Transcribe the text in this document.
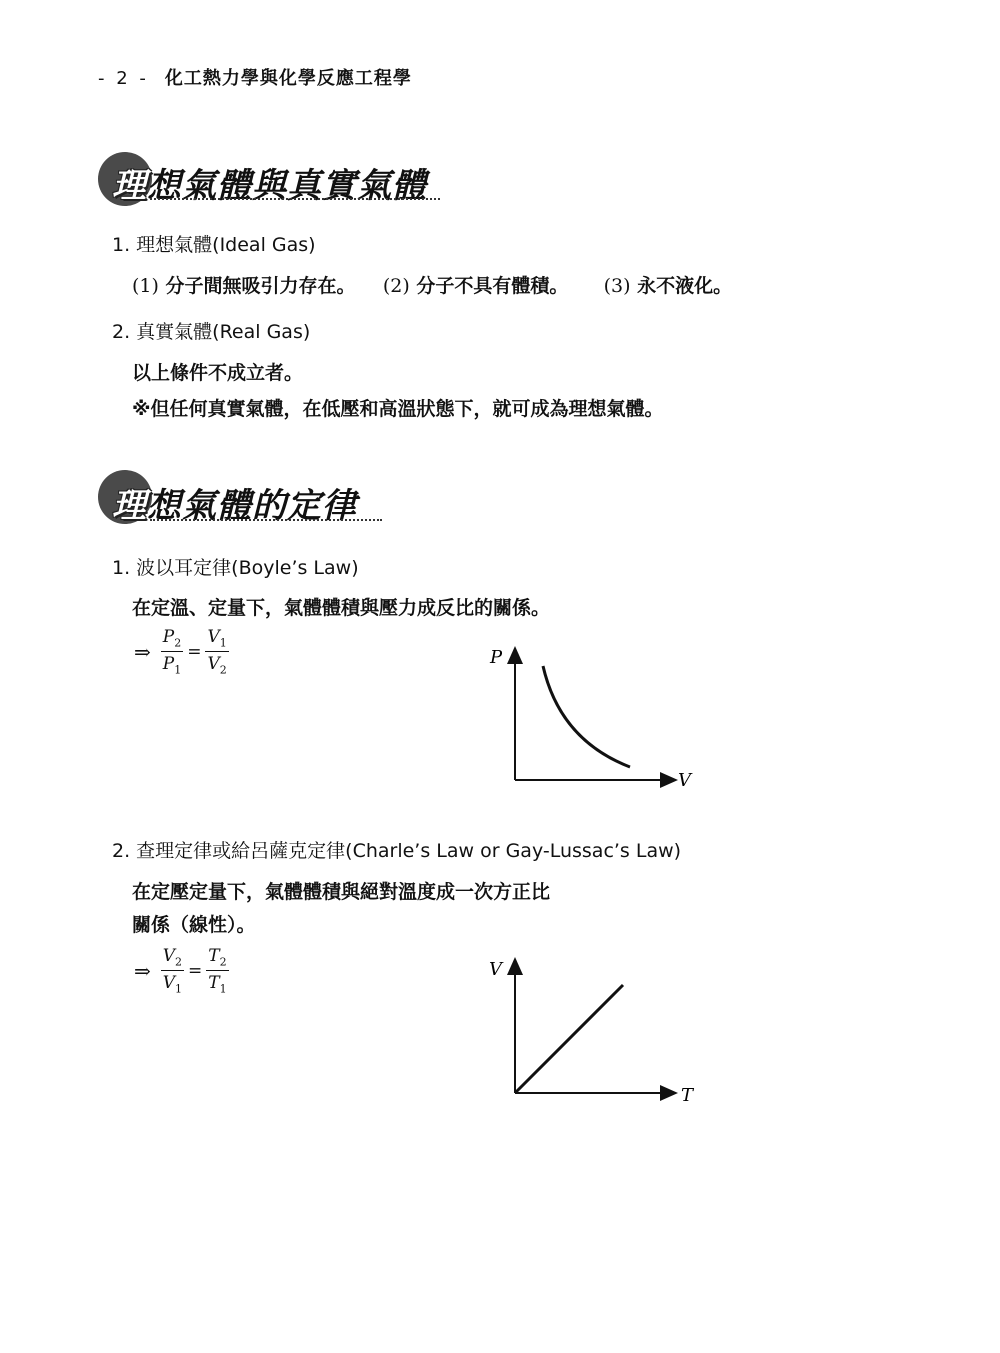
- 2 - 化工熱力學與化學反應工程學
理想氣體與真實氣體
1. 理想氣體(Ideal Gas)
(1) 分子間無吸引力存在。 (2) 分子不具有體積。 (3) 永不液化。
2. 真實氣體(Real Gas)
以上條件不成立者。
※但任何真實氣體，在低壓和高溫狀態下，就可成為理想氣體。
理想氣體的定律
1. 波以耳定律(Boyle’s Law)
在定溫、定量下，氣體體積與壓力成反比的關係。
⇒ $\frac{P_2}{P_1} = \frac{V_1}{V_2}$	P
V
2. 查理定律或給呂薩克定律(Charle’s Law or Gay-Lussac’s Law)
在定壓定量下，氣體體積與絕對溫度成一次方正比
關係（線性）。
⇒ $\frac{V_2}{V_1} = \frac{T_2}{T_1}$	V
T
